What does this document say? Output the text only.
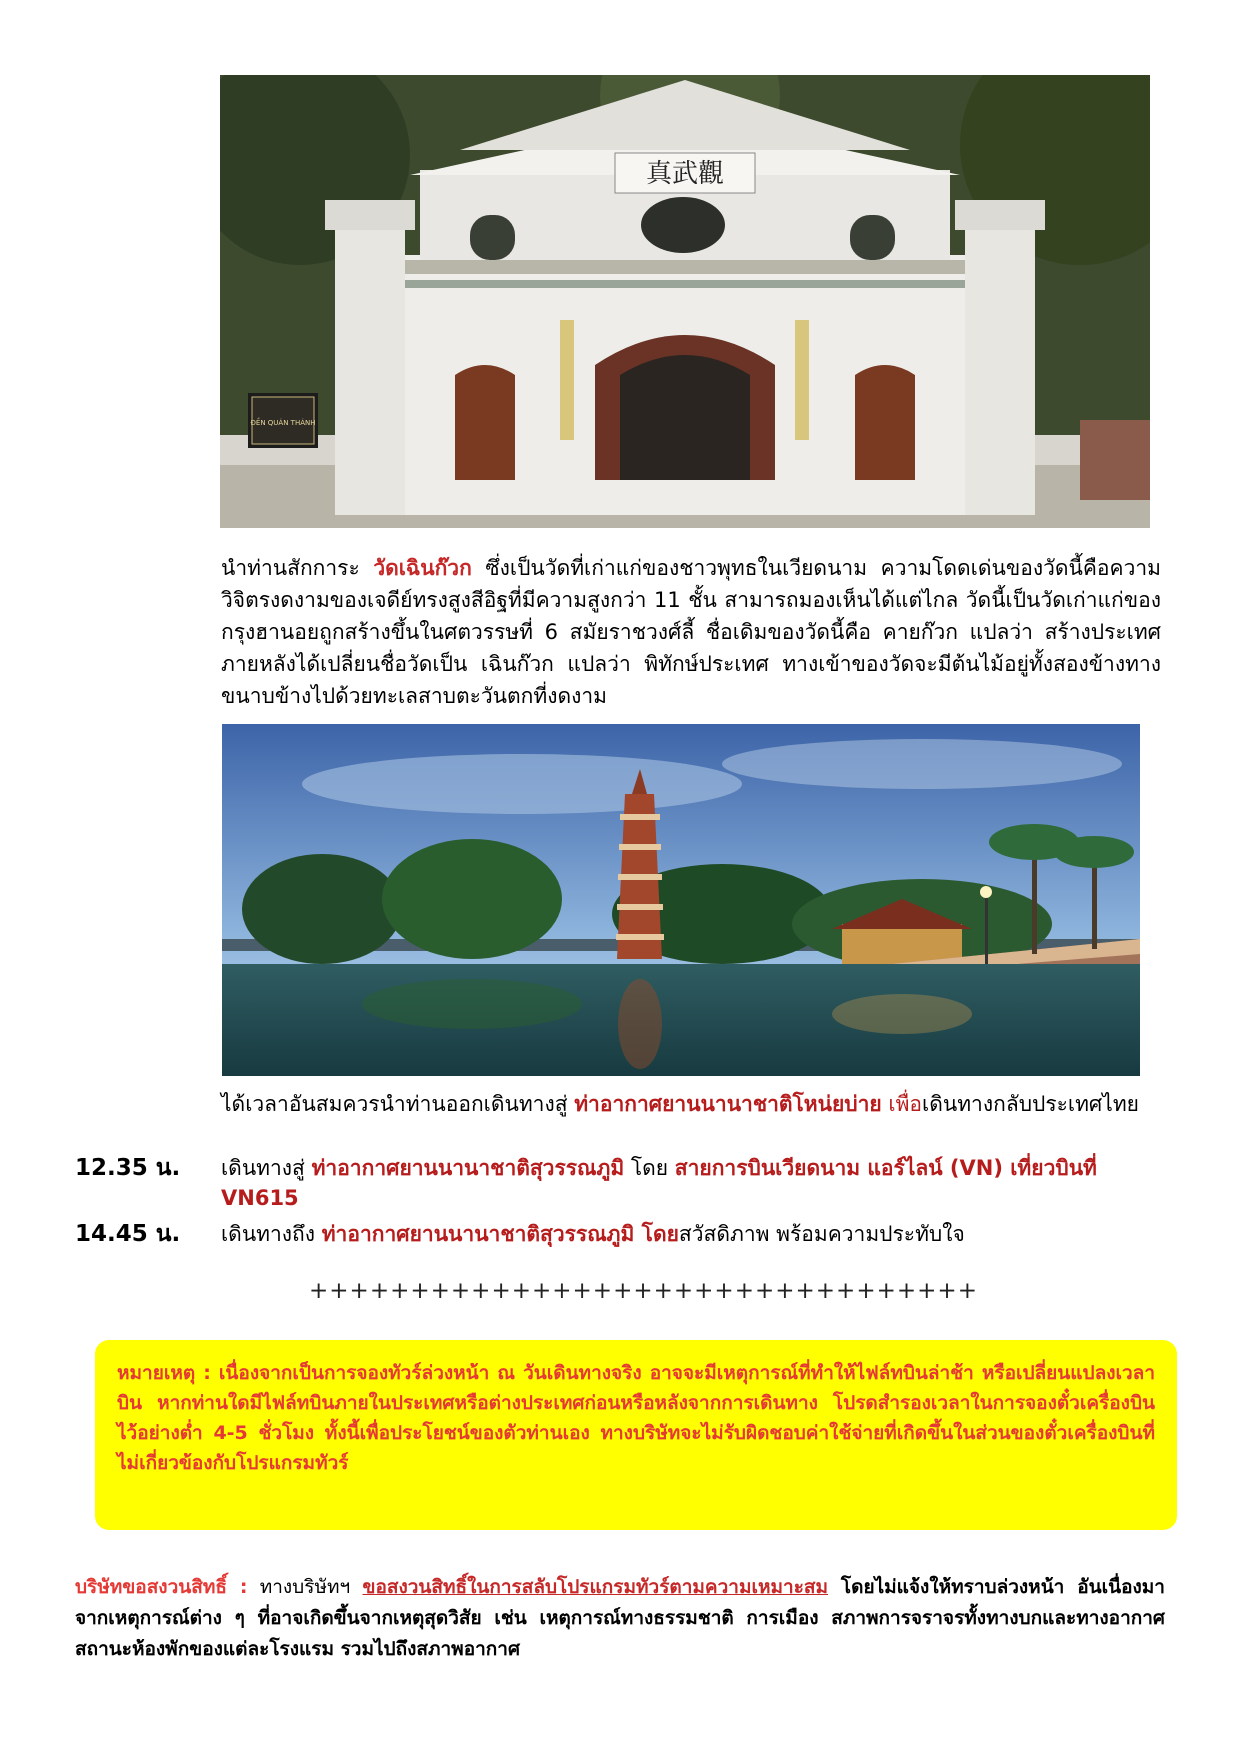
真武觀
ĐỀN QUÁN THÁNH
นำท่านสักการะ วัดเฉินก๊วก ซึ่งเป็นวัดที่เก่าแก่ของชาวพุทธในเวียดนาม ความโดดเด่นของวัดนี้คือความวิจิตรงดงามของเจดีย์ทรงสูงสีอิฐที่มีความสูงกว่า 11 ชั้น สามารถมองเห็นได้แต่ไกล วัดนี้เป็นวัดเก่าแก่ของกรุงฮานอยถูกสร้างขึ้นในศตวรรษที่ 6 สมัยราชวงศ์ลี้ ชื่อเดิมของวัดนี้คือ คายก๊วก แปลว่า สร้างประเทศ ภายหลังได้เปลี่ยนชื่อวัดเป็น เฉินก๊วก แปลว่า พิทักษ์ประเทศ ทางเข้าของวัดจะมีต้นไม้อยู่ทั้งสองข้างทางขนาบข้างไปด้วยทะเลสาบตะวันตกที่งดงาม
ได้เวลาอันสมควรนำท่านออกเดินทางสู่ ท่าอากาศยานนานาชาติโหน่ยบ่าย เพื่อเดินทางกลับประเทศไทย
12.35 น. เดินทางสู่ ท่าอากาศยานนานาชาติสุวรรณภูมิ โดย สายการบินเวียดนาม แอร์ไลน์ (VN) เที่ยวบินที่ VN615
14.45 น. เดินทางถึง ท่าอากาศยานนานาชาติสุวรรณภูมิ โดยสวัสดิภาพ พร้อมความประทับใจ
+++++++++++++++++++++++++++++++++

หมายเหตุ : เนื่องจากเป็นการจองทัวร์ล่วงหน้า ณ วันเดินทางจริง อาจจะมีเหตุการณ์ที่ทำให้ไฟล์ทบินล่าช้า หรือเปลี่ยนแปลงเวลาบิน หากท่านใดมีไฟล์ทบินภายในประเทศหรือต่างประเทศก่อนหรือหลังจากการเดินทาง โปรดสำรองเวลาในการจองตั๋วเครื่องบินไว้อย่างต่ำ 4-5 ชั่วโมง ทั้งนี้เพื่อประโยชน์ของตัวท่านเอง ทางบริษัทจะไม่รับผิดชอบค่าใช้จ่ายที่เกิดขึ้นในส่วนของตั๋วเครื่องบินที่ไม่เกี่ยวข้องกับโปรแกรมทัวร์

บริษัทขอสงวนสิทธิ์ : ทางบริษัทฯ ขอสงวนสิทธิ์ในการสลับโปรแกรมทัวร์ตามความเหมาะสม โดยไม่แจ้งให้ทราบล่วงหน้า อันเนื่องมาจากเหตุการณ์ต่าง ๆ ที่อาจเกิดขึ้นจากเหตุสุดวิสัย เช่น เหตุการณ์ทางธรรมชาติ การเมือง สภาพการจราจรทั้งทางบกและทางอากาศ สถานะห้องพักของแต่ละโรงแรม รวมไปถึงสภาพอากาศ
